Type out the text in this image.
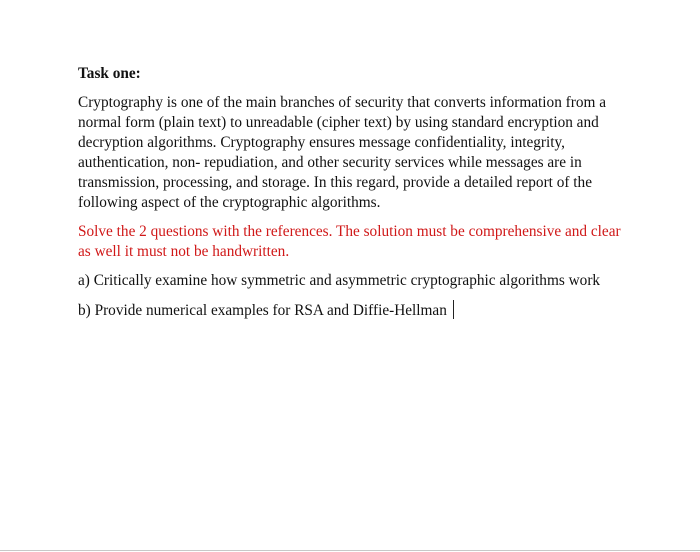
Task one:

Cryptography is one of the main branches of security that converts information from a normal form (plain text) to unreadable (cipher text) by using standard encryption and decryption algorithms. Cryptography ensures message confidentiality, integrity, authentication, non- repudiation, and other security services while messages are in transmission, processing, and storage. In this regard, provide a detailed report of the following aspect of the cryptographic algorithms.

Solve the 2 questions with the references. The solution must be comprehensive and clear as well it must not be handwritten.

a) Critically examine how symmetric and asymmetric cryptographic algorithms work

b) Provide numerical examples for RSA and Diffie-Hellman
